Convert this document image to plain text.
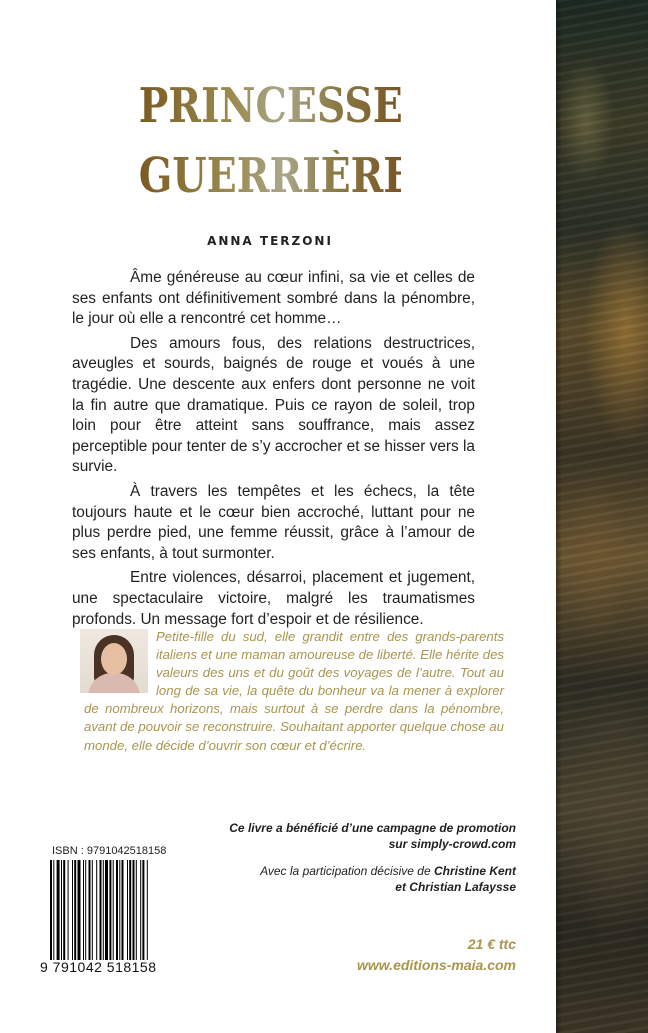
PRINCESSE
GUERRIÈRE
ANNA TERZONI

Âme généreuse au cœur infini, sa vie et celles de ses enfants ont définitivement sombré dans la pénombre, le jour où elle a rencontré cet homme…

Des amours fous, des relations destructrices, aveugles et sourds, baignés de rouge et voués à une tragédie. Une descente aux enfers dont personne ne voit la fin autre que dramatique. Puis ce rayon de soleil, trop loin pour être atteint sans souffrance, mais assez perceptible pour tenter de s’y accrocher et se hisser vers la survie.

À travers les tempêtes et les échecs, la tête toujours haute et le cœur bien accroché, luttant pour ne plus perdre pied, une femme réussit, grâce à l’amour de ses enfants, à tout surmonter.

Entre violences, désarroi, placement et jugement, une spectaculaire victoire, malgré les traumatismes profonds. Un message fort d’espoir et de résilience.

Petite-fille du sud, elle grandit entre des grands-parents italiens et une maman amoureuse de liberté. Elle hérite des valeurs des uns et du goût des voyages de l’autre. Tout au long de sa vie, la quête du bonheur va la mener à explorer de nombreux horizons, mais surtout à se perdre dans la pénombre, avant de pouvoir se reconstruire. Souhaitant apporter quelque chose au monde, elle décide d’ouvrir son cœur et d’écrire.
ISBN : 9791042518158
9 791042 518158
Ce livre a bénéficié d’une campagne de promotion
sur simply-crowd.com
Avec la participation décisive de Christine Kent
et Christian Lafaysse
21 € ttc
www.editions-maia.com
